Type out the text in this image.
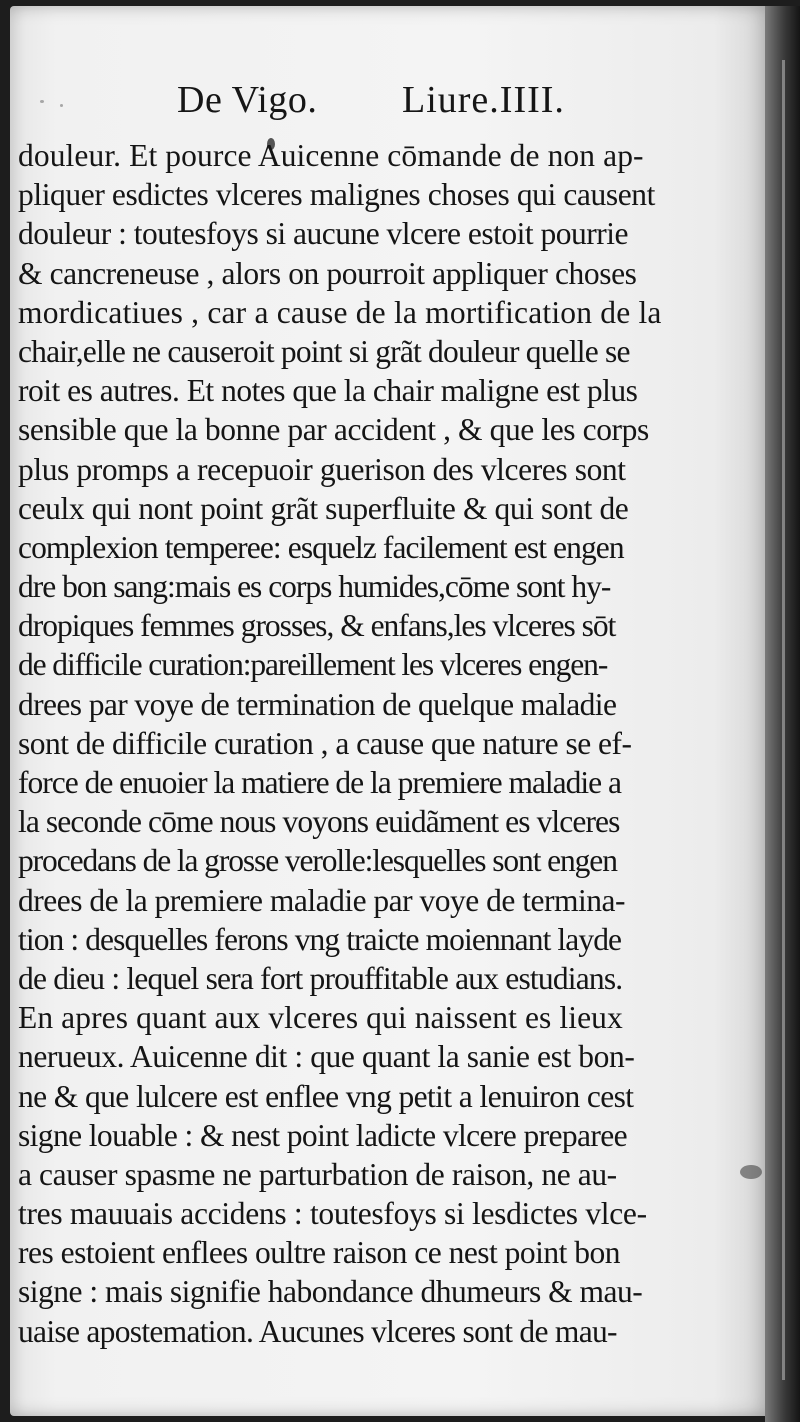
De Vigo. Liure.IIII.
douleur. Et pource Auicenne cōmande de non ap-
pliquer esdictes vlceres malignes choses qui causent
douleur : toutesfoys si aucune vlcere estoit pourrie
& cancreneuse , alors on pourroit appliquer choses
mordicatiues , car a cause de la mortification de la
chair,elle ne causeroit point si grãt douleur quelle se
roit es autres. Et notes que la chair maligne est plus
sensible que la bonne par accident , & que les corps
plus promps a recepuoir guerison des vlceres sont
ceulx qui nont point grãt superfluite & qui sont de
complexion temperee: esquelz facilement est engen
dre bon sang:mais es corps humides,cōme sont hy-
dropiques femmes grosses, & enfans,les vlceres sōt
de difficile curation:pareillement les vlceres engen-
drees par voye de termination de quelque maladie
sont de difficile curation , a cause que nature se ef-
force de enuoier la matiere de la premiere maladie a
la seconde cōme nous voyons euidãment es vlceres
procedans de la grosse verolle:lesquelles sont engen
drees de la premiere maladie par voye de termina-
tion : desquelles ferons vng traicte moiennant layde
de dieu : lequel sera fort prouffitable aux estudians.
En apres quant aux vlceres qui naissent es lieux
nerueux. Auicenne dit : que quant la sanie est bon-
ne & que lulcere est enflee vng petit a lenuiron cest
signe louable : & nest point ladicte vlcere preparee
a causer spasme ne parturbation de raison, ne au-
tres mauuais accidens : toutesfoys si lesdictes vlce-
res estoient enflees oultre raison ce nest point bon
signe : mais signifie habondance dhumeurs & mau-
uaise apostemation. Aucunes vlceres sont de mau-
